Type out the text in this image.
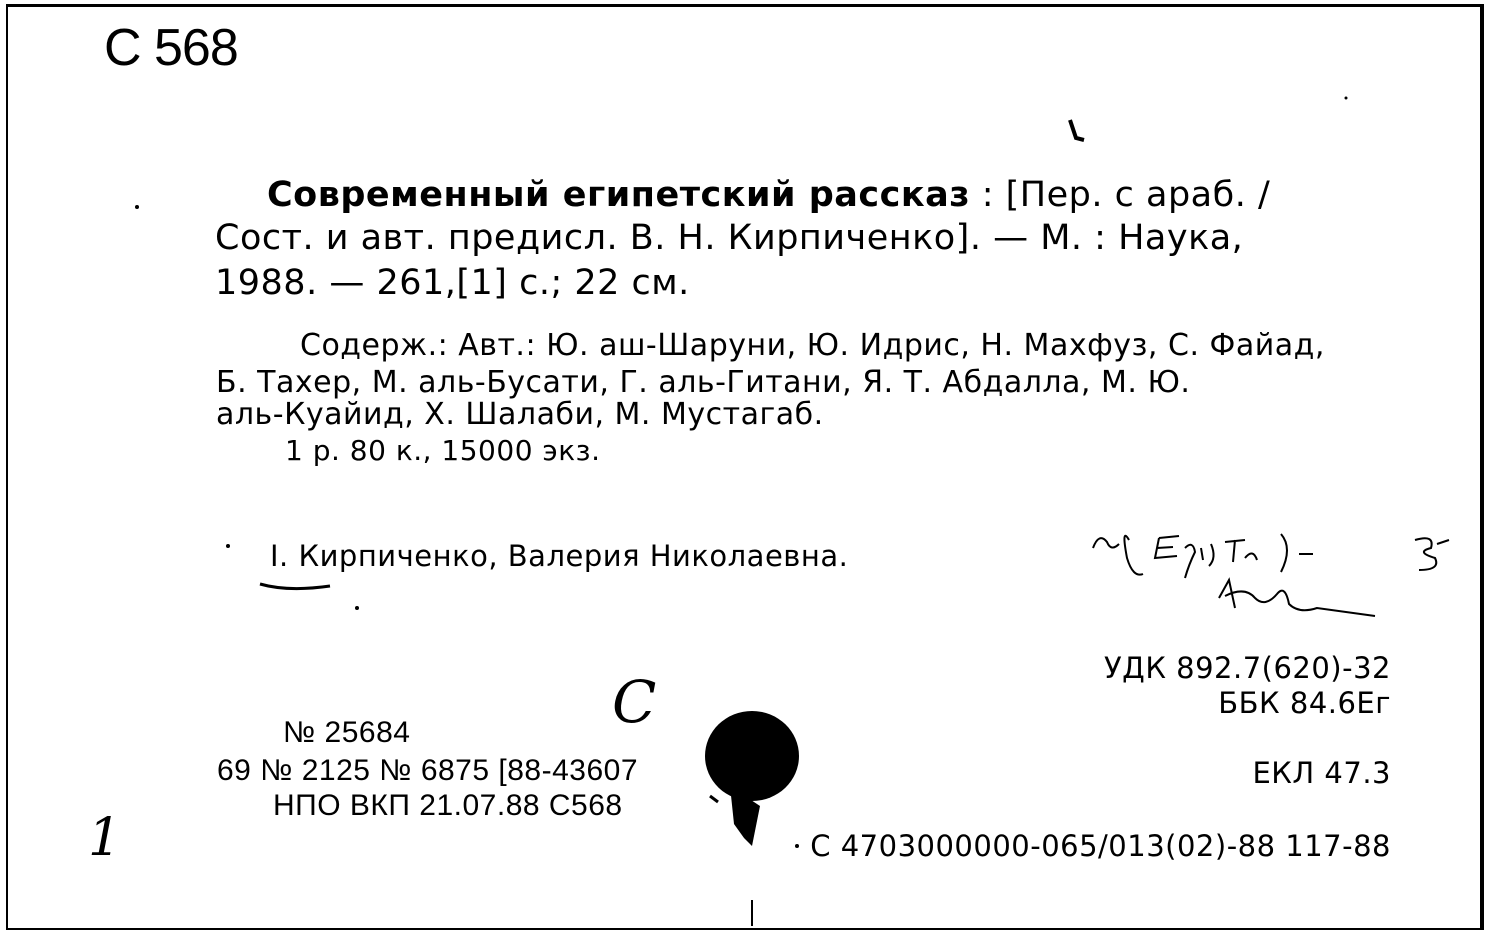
С 568
Современный египетский рассказ : [Пер. с араб. /
Сост. и авт. предисл. В. Н. Кирпиченко]. — М. : Наука,
1988. — 261,[1] с.; 22 см.
Содерж.: Авт.: Ю. аш-Шаруни, Ю. Идрис, Н. Махфуз, С. Файад,
Б. Тахер, М. аль-Бусати, Г. аль-Гитани, Я. Т. Абдалла, М. Ю.
аль-Куайид, Х. Шалаби, М. Мустагаб.
1 р. 80 к., 15000 экз.
I. Кирпиченко, Валерия Николаевна.
УДК 892.7(620)-32
ББК 84.6Ег
ЕКЛ 47.3
С
№ 25684
69 № 2125 № 6875 [88-43607
НПО ВКП 21.07.88 С568
1	С 4703000000-065/013(02)-88 117-88
